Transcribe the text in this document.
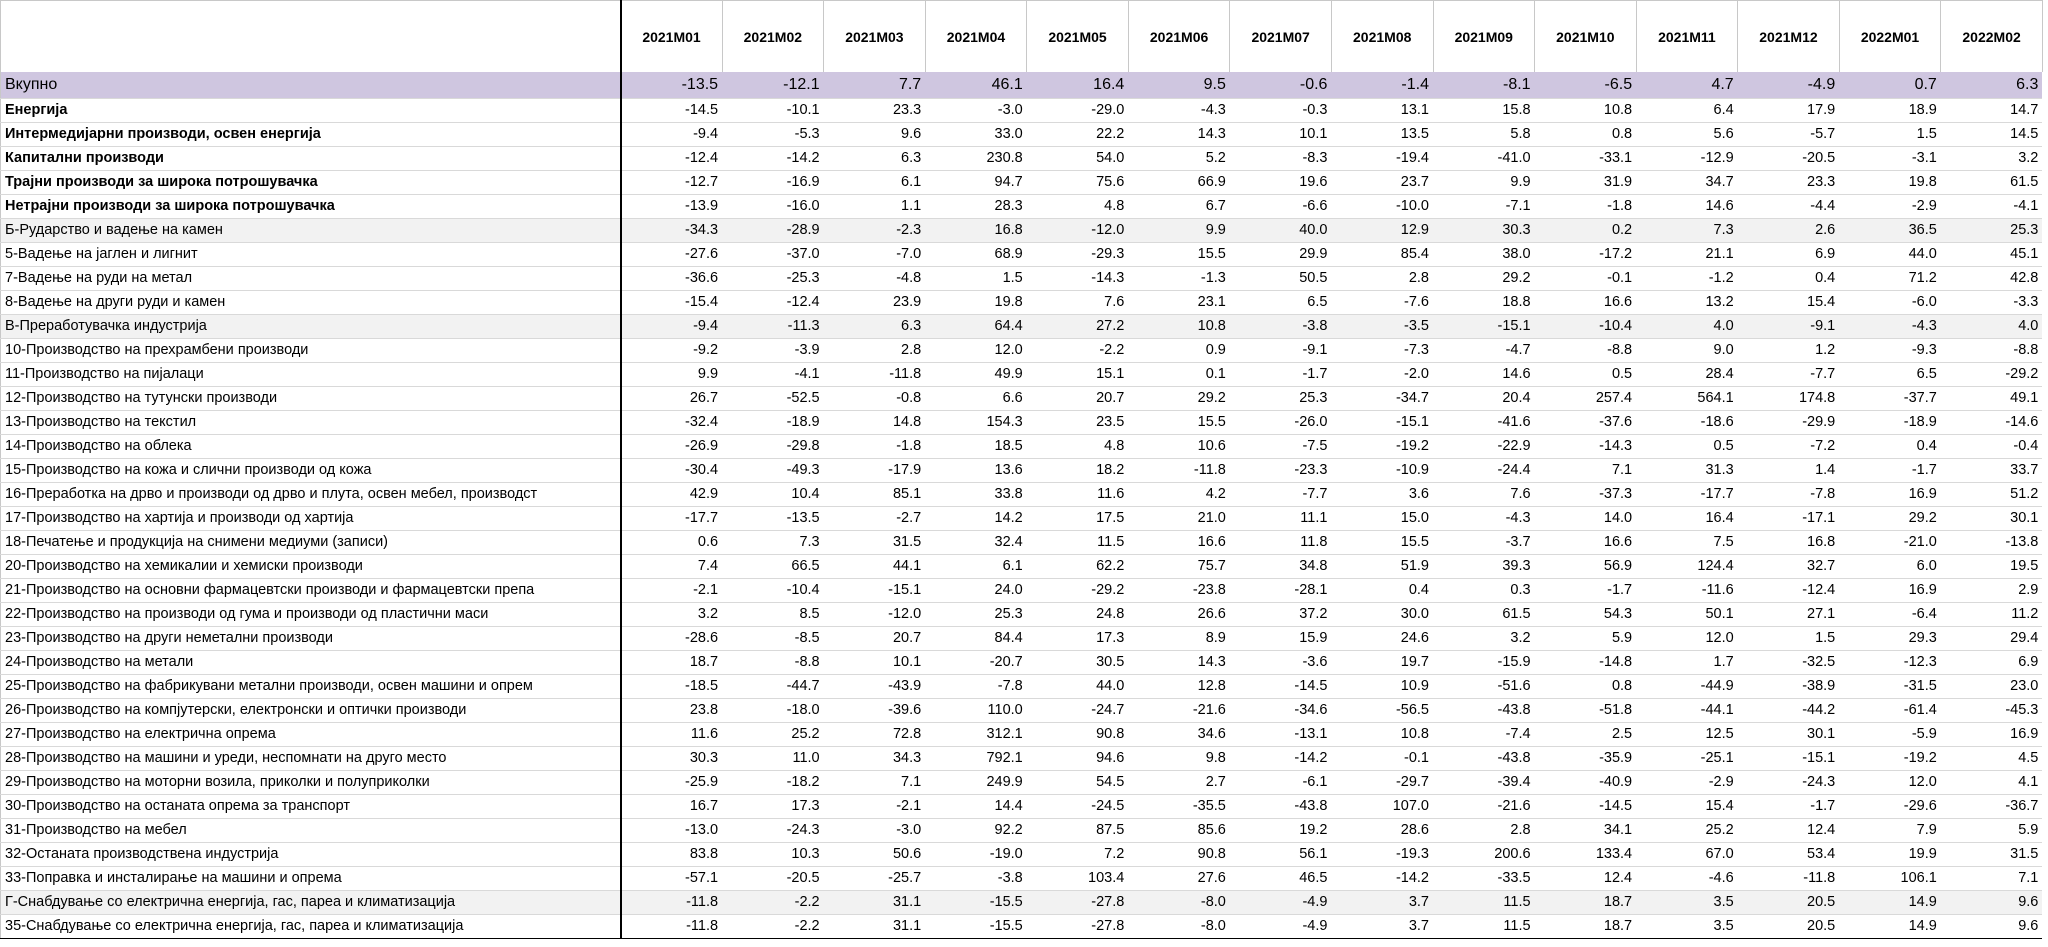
	2021M01	2021M02	2021M03	2021M04	2021M05	2021M06	2021M07	2021M08	2021M09	2021M10	2021M11	2021M12	2022M01	2022M02
Вкупно	-13.5	-12.1	7.7	46.1	16.4	9.5	-0.6	-1.4	-8.1	-6.5	4.7	-4.9	0.7	6.3
Енергија	-14.5	-10.1	23.3	-3.0	-29.0	-4.3	-0.3	13.1	15.8	10.8	6.4	17.9	18.9	14.7
Интермедијарни производи, освен енергија	-9.4	-5.3	9.6	33.0	22.2	14.3	10.1	13.5	5.8	0.8	5.6	-5.7	1.5	14.5
Капитални производи	-12.4	-14.2	6.3	230.8	54.0	5.2	-8.3	-19.4	-41.0	-33.1	-12.9	-20.5	-3.1	3.2
Трајни производи за широка потрошувачка	-12.7	-16.9	6.1	94.7	75.6	66.9	19.6	23.7	9.9	31.9	34.7	23.3	19.8	61.5
Нетрајни производи за широка потрошувачка	-13.9	-16.0	1.1	28.3	4.8	6.7	-6.6	-10.0	-7.1	-1.8	14.6	-4.4	-2.9	-4.1
Б-Рударство и вадење на камен	-34.3	-28.9	-2.3	16.8	-12.0	9.9	40.0	12.9	30.3	0.2	7.3	2.6	36.5	25.3
5-Вадење на јаглен и лигнит	-27.6	-37.0	-7.0	68.9	-29.3	15.5	29.9	85.4	38.0	-17.2	21.1	6.9	44.0	45.1
7-Вадење на руди на метал	-36.6	-25.3	-4.8	1.5	-14.3	-1.3	50.5	2.8	29.2	-0.1	-1.2	0.4	71.2	42.8
8-Вадење на други руди и камен	-15.4	-12.4	23.9	19.8	7.6	23.1	6.5	-7.6	18.8	16.6	13.2	15.4	-6.0	-3.3
В-Преработувачка индустрија	-9.4	-11.3	6.3	64.4	27.2	10.8	-3.8	-3.5	-15.1	-10.4	4.0	-9.1	-4.3	4.0
10-Производство на прехрамбени производи	-9.2	-3.9	2.8	12.0	-2.2	0.9	-9.1	-7.3	-4.7	-8.8	9.0	1.2	-9.3	-8.8
11-Производство на пијалаци	9.9	-4.1	-11.8	49.9	15.1	0.1	-1.7	-2.0	14.6	0.5	28.4	-7.7	6.5	-29.2
12-Производство на тутунски производи	26.7	-52.5	-0.8	6.6	20.7	29.2	25.3	-34.7	20.4	257.4	564.1	174.8	-37.7	49.1
13-Производство на текстил	-32.4	-18.9	14.8	154.3	23.5	15.5	-26.0	-15.1	-41.6	-37.6	-18.6	-29.9	-18.9	-14.6
14-Производство на облека	-26.9	-29.8	-1.8	18.5	4.8	10.6	-7.5	-19.2	-22.9	-14.3	0.5	-7.2	0.4	-0.4
15-Производство на кожа и слични производи од кожа	-30.4	-49.3	-17.9	13.6	18.2	-11.8	-23.3	-10.9	-24.4	7.1	31.3	1.4	-1.7	33.7
16-Преработка на дрво и производи од дрво и плута, освен мебел, производст	42.9	10.4	85.1	33.8	11.6	4.2	-7.7	3.6	7.6	-37.3	-17.7	-7.8	16.9	51.2
17-Производство на хартија и производи од хартија	-17.7	-13.5	-2.7	14.2	17.5	21.0	11.1	15.0	-4.3	14.0	16.4	-17.1	29.2	30.1
18-Печатење и продукција на снимени медиуми (записи)	0.6	7.3	31.5	32.4	11.5	16.6	11.8	15.5	-3.7	16.6	7.5	16.8	-21.0	-13.8
20-Производство на хемикалии и хемиски производи	7.4	66.5	44.1	6.1	62.2	75.7	34.8	51.9	39.3	56.9	124.4	32.7	6.0	19.5
21-Производство на основни фармацевтски производи и фармацевтски препа	-2.1	-10.4	-15.1	24.0	-29.2	-23.8	-28.1	0.4	0.3	-1.7	-11.6	-12.4	16.9	2.9
22-Производство на производи од гума и производи од пластични маси	3.2	8.5	-12.0	25.3	24.8	26.6	37.2	30.0	61.5	54.3	50.1	27.1	-6.4	11.2
23-Производство на други неметални производи	-28.6	-8.5	20.7	84.4	17.3	8.9	15.9	24.6	3.2	5.9	12.0	1.5	29.3	29.4
24-Производство на метали	18.7	-8.8	10.1	-20.7	30.5	14.3	-3.6	19.7	-15.9	-14.8	1.7	-32.5	-12.3	6.9
25-Производство на фабрикувани метални производи, освен машини и опрем	-18.5	-44.7	-43.9	-7.8	44.0	12.8	-14.5	10.9	-51.6	0.8	-44.9	-38.9	-31.5	23.0
26-Производство на компјутерски, електронски и оптички производи	23.8	-18.0	-39.6	110.0	-24.7	-21.6	-34.6	-56.5	-43.8	-51.8	-44.1	-44.2	-61.4	-45.3
27-Производство на електрична опрема	11.6	25.2	72.8	312.1	90.8	34.6	-13.1	10.8	-7.4	2.5	12.5	30.1	-5.9	16.9
28-Производство на машини и уреди, неспомнати на друго место	30.3	11.0	34.3	792.1	94.6	9.8	-14.2	-0.1	-43.8	-35.9	-25.1	-15.1	-19.2	4.5
29-Производство на моторни возила, приколки и полуприколки	-25.9	-18.2	7.1	249.9	54.5	2.7	-6.1	-29.7	-39.4	-40.9	-2.9	-24.3	12.0	4.1
30-Производство на останата опрема за транспорт	16.7	17.3	-2.1	14.4	-24.5	-35.5	-43.8	107.0	-21.6	-14.5	15.4	-1.7	-29.6	-36.7
31-Производство на мебел	-13.0	-24.3	-3.0	92.2	87.5	85.6	19.2	28.6	2.8	34.1	25.2	12.4	7.9	5.9
32-Останата производствена индустрија	83.8	10.3	50.6	-19.0	7.2	90.8	56.1	-19.3	200.6	133.4	67.0	53.4	19.9	31.5
33-Поправка и инсталирање на машини и опрема	-57.1	-20.5	-25.7	-3.8	103.4	27.6	46.5	-14.2	-33.5	12.4	-4.6	-11.8	106.1	7.1
Г-Снабдување со електрична енергија, гас, пареа и климатизација	-11.8	-2.2	31.1	-15.5	-27.8	-8.0	-4.9	3.7	11.5	18.7	3.5	20.5	14.9	9.6
35-Снабдување со електрична енергија, гас, пареа и климатизација	-11.8	-2.2	31.1	-15.5	-27.8	-8.0	-4.9	3.7	11.5	18.7	3.5	20.5	14.9	9.6
